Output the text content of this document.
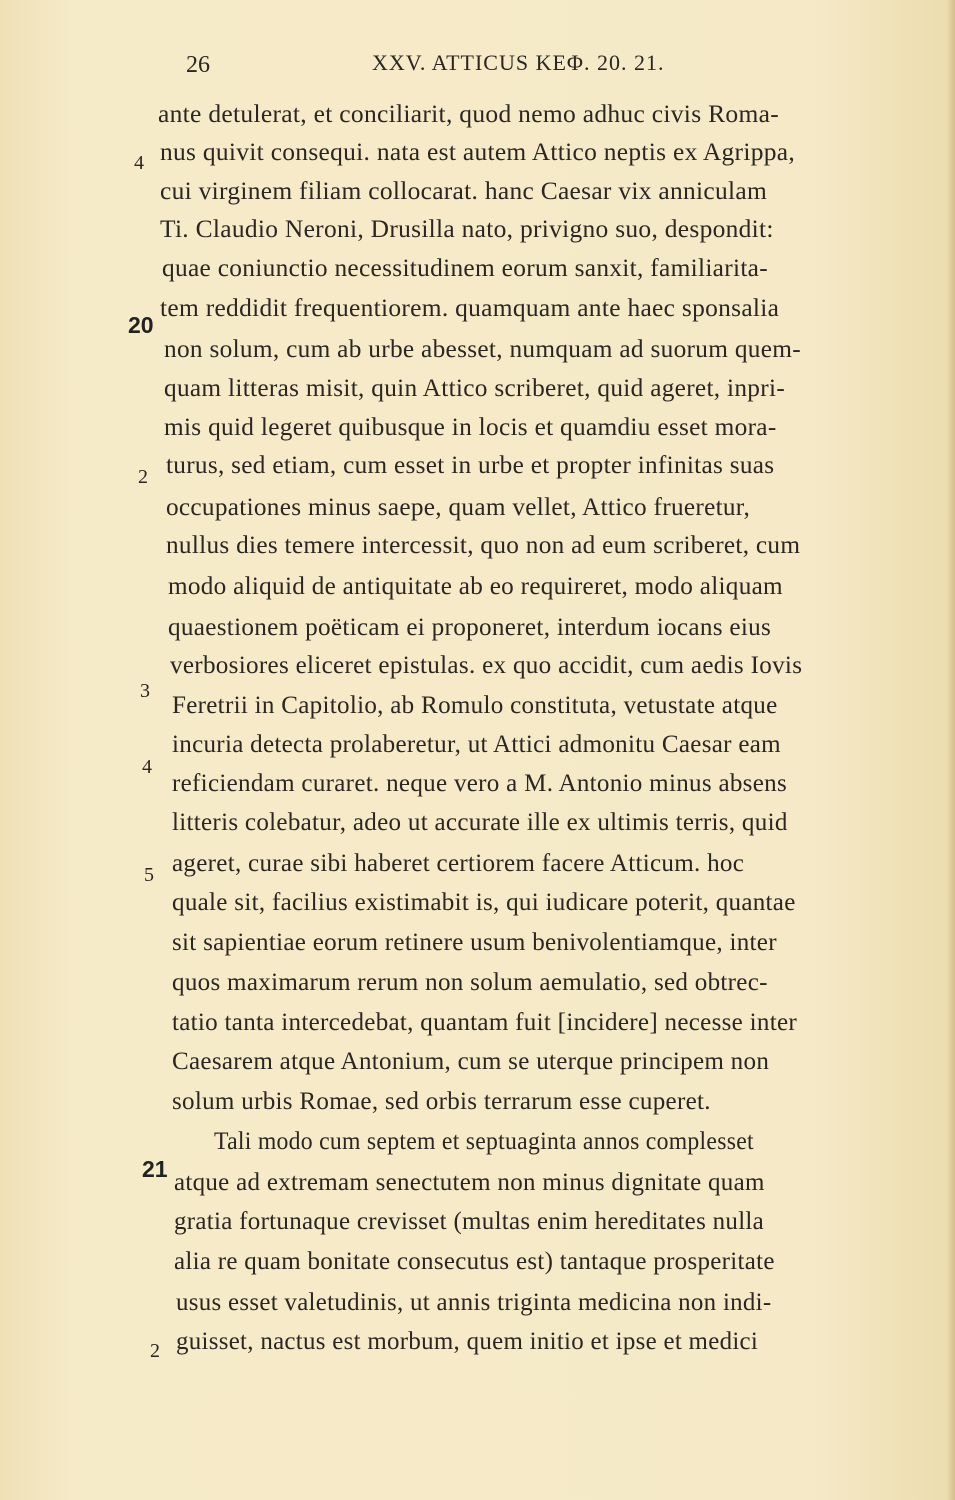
26	XXV. ATTICUS ΚΕΦ. 20. 21.
ante detulerat, et conciliarit, quod nemo adhuc civis Roma-
nus quivit consequi. nata est autem Attico neptis ex Agrippa,
cui virginem filiam collocarat. hanc Caesar vix anniculam
Ti. Claudio Neroni, Drusilla nato, privigno suo, despondit:
quae coniunctio necessitudinem eorum sanxit, familiarita-
tem reddidit frequentiorem. quamquam ante haec sponsalia
non solum, cum ab urbe abesset, numquam ad suorum quem-
quam litteras misit, quin Attico scriberet, quid ageret, inpri-
mis quid legeret quibusque in locis et quamdiu esset mora-
turus, sed etiam, cum esset in urbe et propter infinitas suas
occupationes minus saepe, quam vellet, Attico frueretur,
nullus dies temere intercessit, quo non ad eum scriberet, cum
modo aliquid de antiquitate ab eo requireret, modo aliquam
quaestionem poëticam ei proponeret, interdum iocans eius
verbosiores eliceret epistulas. ex quo accidit, cum aedis Iovis
Feretrii in Capitolio, ab Romulo constituta, vetustate atque
incuria detecta prolaberetur, ut Attici admonitu Caesar eam
reficiendam curaret. neque vero a M. Antonio minus absens
litteris colebatur, adeo ut accurate ille ex ultimis terris, quid
ageret, curae sibi haberet certiorem facere Atticum. hoc
quale sit, facilius existimabit is, qui iudicare poterit, quantae
sit sapientiae eorum retinere usum benivolentiamque, inter
quos maximarum rerum non solum aemulatio, sed obtrec-
tatio tanta intercedebat, quantam fuit [incidere] necesse inter
Caesarem atque Antonium, cum se uterque principem non
solum urbis Romae, sed orbis terrarum esse cuperet.
Tali modo cum septem et septuaginta annos complesset
atque ad extremam senectutem non minus dignitate quam
gratia fortunaque crevisset (multas enim hereditates nulla
alia re quam bonitate consecutus est) tantaque prosperitate
usus esset valetudinis, ut annis triginta medicina non indi-
guisset, nactus est morbum, quem initio et ipse et medici
4
20
2
3
4
5
21
2
